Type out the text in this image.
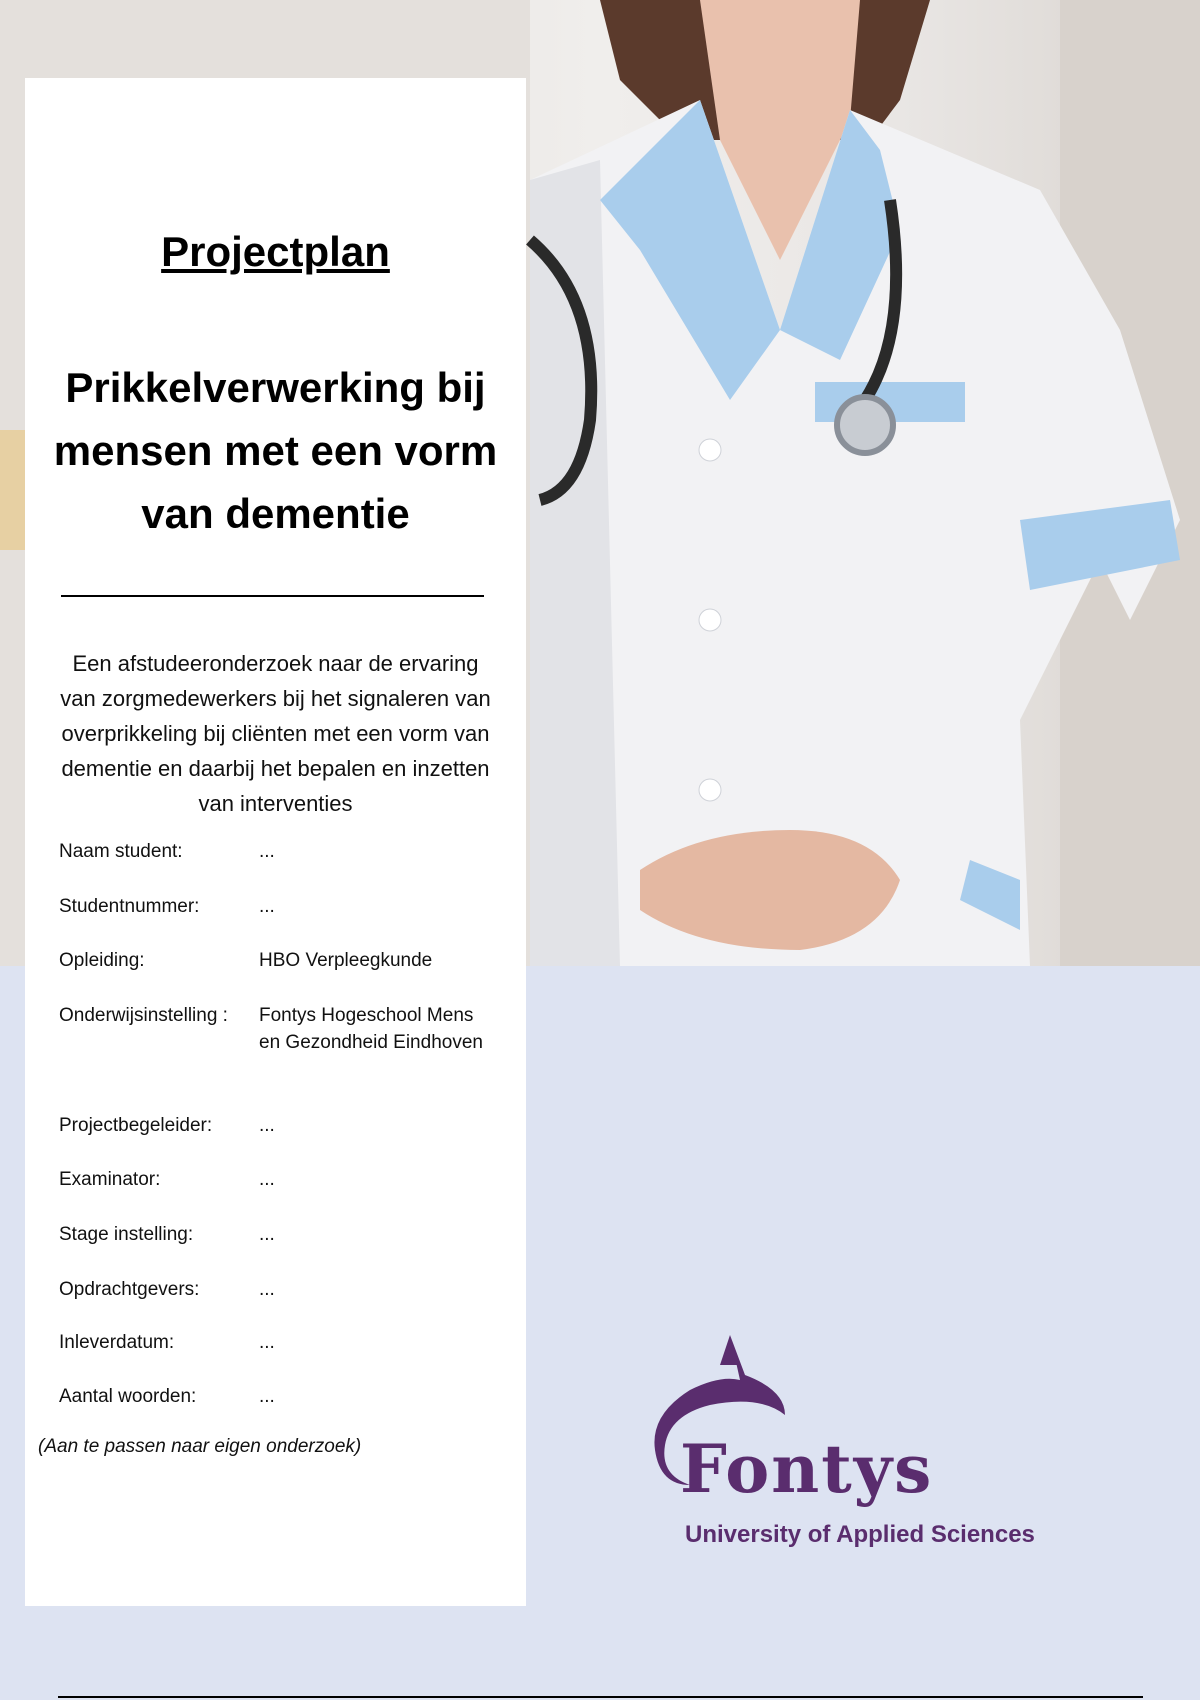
Projectplan
Prikkelverwerking bij mensen met een vorm van dementie
Een afstudeeronderzoek naar de ervaring van zorgmedewerkers bij het signaleren van overprikkeling bij cliënten met een vorm van dementie en daarbij het bepalen en inzetten van interventies
Naam student:	...
Studentnummer:	...
Opleiding:	HBO Verpleegkunde
Onderwijsinstelling :	Fontys Hogeschool Mens en Gezondheid Eindhoven
Projectbegeleider:	...
Examinator:	...
Stage instelling:	...
Opdrachtgevers:	...
Inleverdatum:	...
Aantal woorden:	...
(Aan te passen naar eigen onderzoek)	Fontys
University of Applied Sciences
